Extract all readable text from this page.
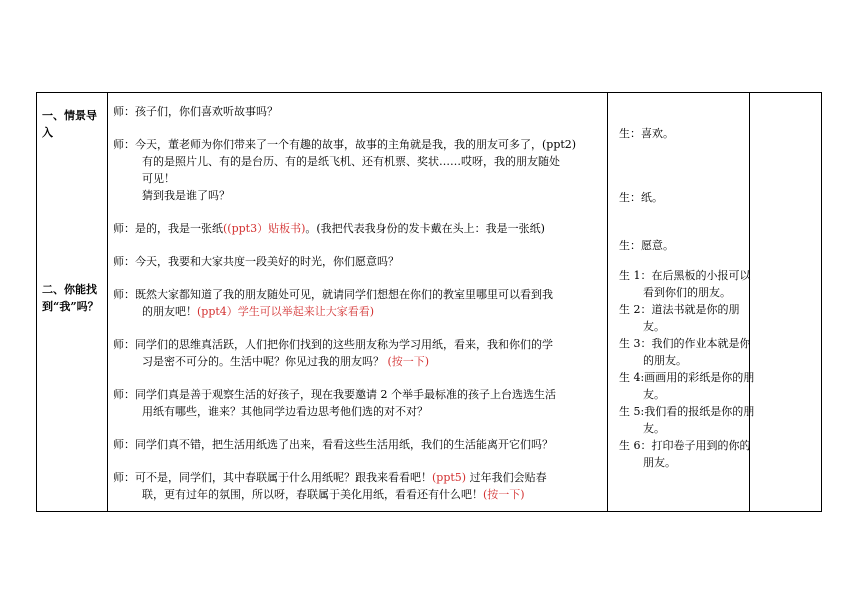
一、情景导
入
二、你能找
到“我”吗？
师：孩子们，你们喜欢听故事吗？
师：今天，董老师为你们带来了一个有趣的故事，故事的主角就是我，我的朋友可多了，(ppt2)
有的是照片儿、有的是台历、有的是纸飞机、还有机票、奖状……哎呀，我的朋友随处
可见！
猜到我是谁了吗？
师：是的，我是一张纸((ppt3）贴板书)。(我把代表我身份的发卡戴在头上：我是一张纸)
师：今天，我要和大家共度一段美好的时光，你们愿意吗？
师：既然大家都知道了我的朋友随处可见，就请同学们想想在你们的教室里哪里可以看到我
的朋友吧！(ppt4）学生可以举起来让大家看看)
师：同学们的思维真活跃，人们把你们找到的这些朋友称为学习用纸，看来，我和你们的学
习是密不可分的。生活中呢？你见过我的朋友吗？ (按一下)
师：同学们真是善于观察生活的好孩子，现在我要邀请 2 个举手最标准的孩子上台选选生活
用纸有哪些，谁来？其他同学边看边思考他们选的对不对？
师：同学们真不错，把生活用纸选了出来，看看这些生活用纸，我们的生活能离开它们吗？
师：可不是，同学们，其中春联属于什么用纸呢？跟我来看看吧！(ppt5) 过年我们会贴春
联，更有过年的氛围，所以呀，春联属于美化用纸，看看还有什么吧！(按一下)
生：喜欢。
生：纸。
生：愿意。
生 1：在后黑板的小报可以看到你们的朋友。
生 2：道法书就是你的朋友。
生 3：我们的作业本就是你的朋友。
生 4:画画用的彩纸是你的朋友。
生 5:我们看的报纸是你的朋友。
生 6：打印卷子用到的你的朋友。
